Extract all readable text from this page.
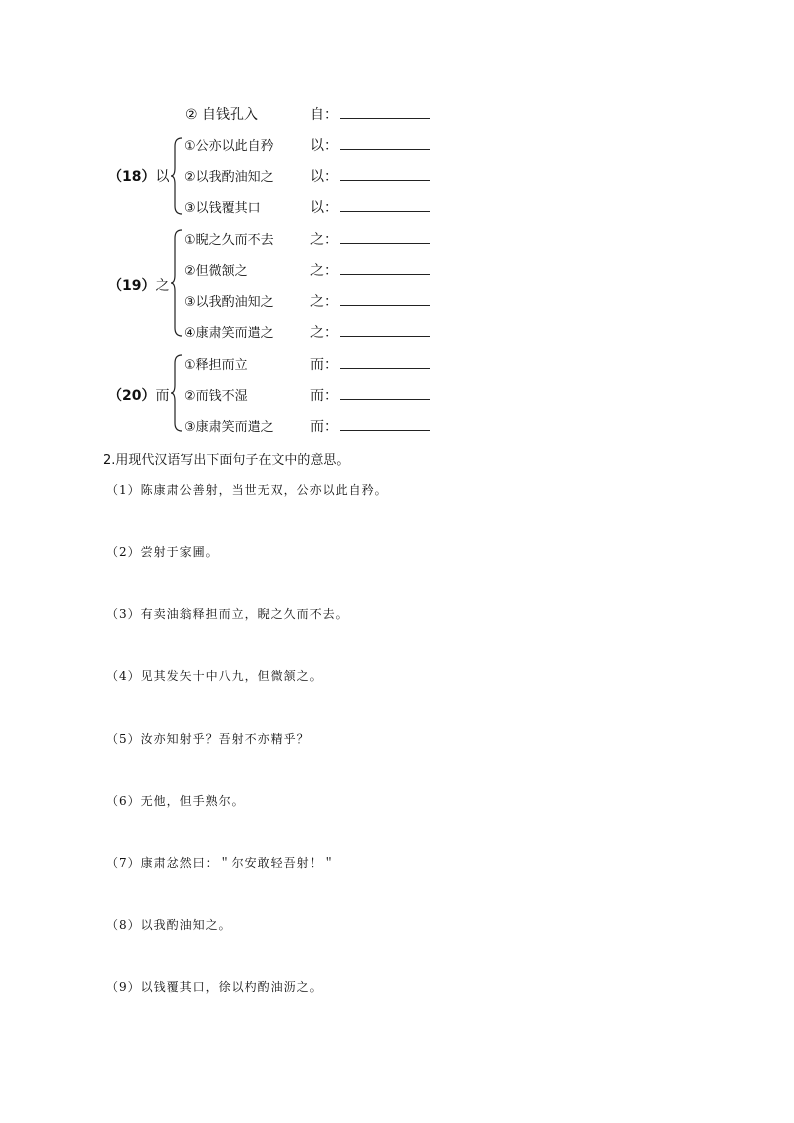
② 自钱孔入	自：
（18）以
①公亦以此自矜	以：
②以我酌油知之	以：
③以钱覆其口	以：
（19）之
①睨之久而不去	之：
②但微颔之	之：
③以我酌油知之	之：
④康肃笑而遣之	之：
（20）而
①释担而立	而：
②而钱不湿	而：
③康肃笑而遣之	而：
2.用现代汉语写出下面句子在文中的意思。
（1）陈康肃公善射，当世无双，公亦以此自矜。
（2）尝射于家圃。
（3）有卖油翁释担而立，睨之久而不去。
（4）见其发矢十中八九，但微颔之。
（5）汝亦知射乎？吾射不亦精乎？
（6）无他，但手熟尔。
（7）康肃忿然曰：＂尔安敢轻吾射！＂
（8）以我酌油知之。
（9）以钱覆其口，徐以杓酌油沥之。
